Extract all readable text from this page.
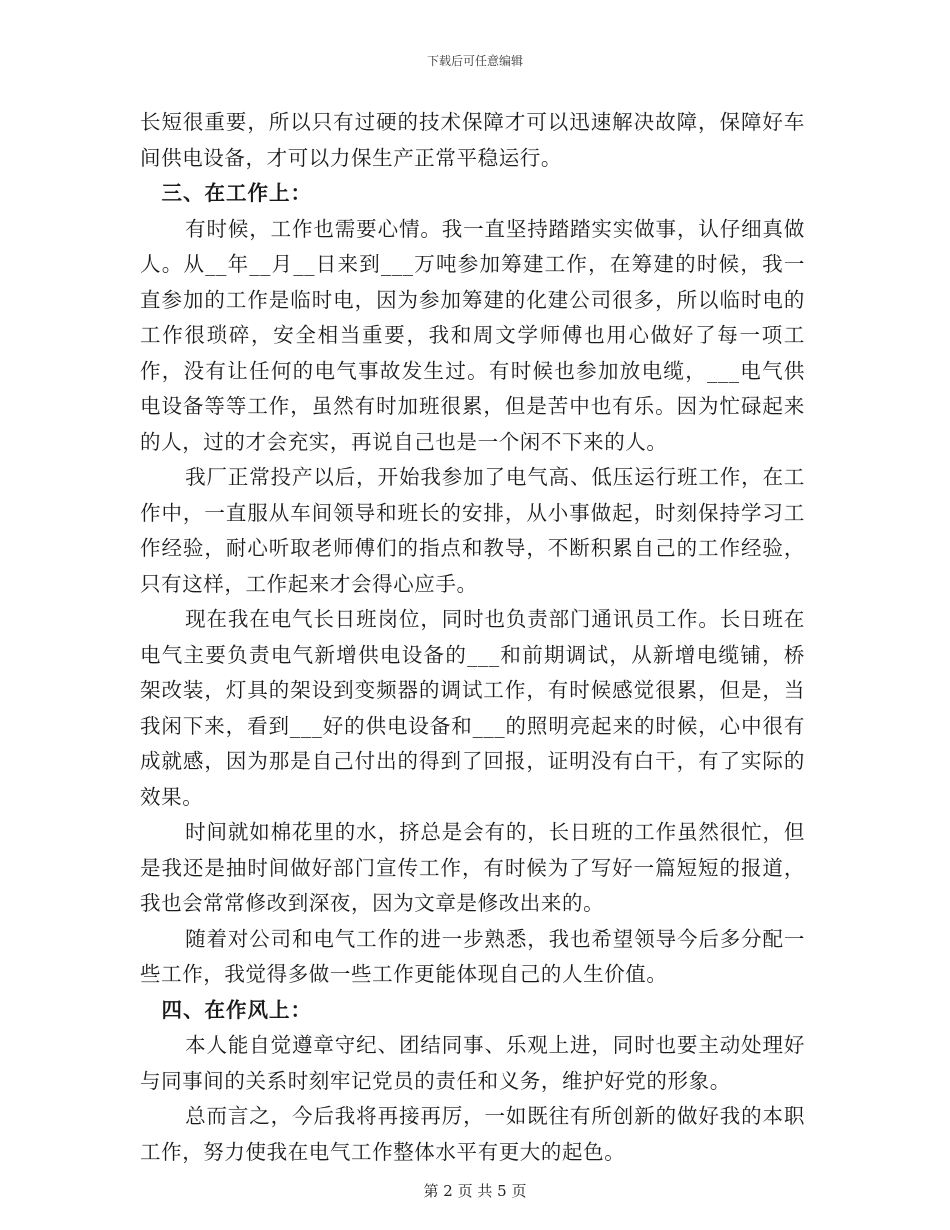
下载后可任意编辑

长短很重要，所以只有过硬的技术保障才可以迅速解决故障，保障好车间供电设备，才可以力保生产正常平稳运行。

三、在工作上：

有时候，工作也需要心情。我一直坚持踏踏实实做事，认仔细真做人。从__年__月__日来到___万吨参加筹建工作，在筹建的时候，我一直参加的工作是临时电，因为参加筹建的化建公司很多，所以临时电的工作很琐碎，安全相当重要，我和周文学师傅也用心做好了每一项工作，没有让任何的电气事故发生过。有时候也参加放电缆，___电气供电设备等等工作，虽然有时加班很累，但是苦中也有乐。因为忙碌起来的人，过的才会充实，再说自己也是一个闲不下来的人。

我厂正常投产以后，开始我参加了电气高、低压运行班工作，在工作中，一直服从车间领导和班长的安排，从小事做起，时刻保持学习工作经验，耐心听取老师傅们的指点和教导，不断积累自己的工作经验，只有这样，工作起来才会得心应手。

现在我在电气长日班岗位，同时也负责部门通讯员工作。长日班在电气主要负责电气新增供电设备的___和前期调试，从新增电缆铺，桥架改装，灯具的架设到变频器的调试工作，有时候感觉很累，但是，当我闲下来，看到___好的供电设备和___的照明亮起来的时候，心中很有成就感，因为那是自己付出的得到了回报，证明没有白干，有了实际的效果。

时间就如棉花里的水，挤总是会有的，长日班的工作虽然很忙，但是我还是抽时间做好部门宣传工作，有时候为了写好一篇短短的报道，我也会常常修改到深夜，因为文章是修改出来的。

随着对公司和电气工作的进一步熟悉，我也希望领导今后多分配一些工作，我觉得多做一些工作更能体现自己的人生价值。

四、在作风上：

本人能自觉遵章守纪、团结同事、乐观上进，同时也要主动处理好与同事间的关系时刻牢记党员的责任和义务，维护好党的形象。

总而言之，今后我将再接再厉，一如既往有所创新的做好我的本职工作，努力使我在电气工作整体水平有更大的起色。

第 2 页 共 5 页
